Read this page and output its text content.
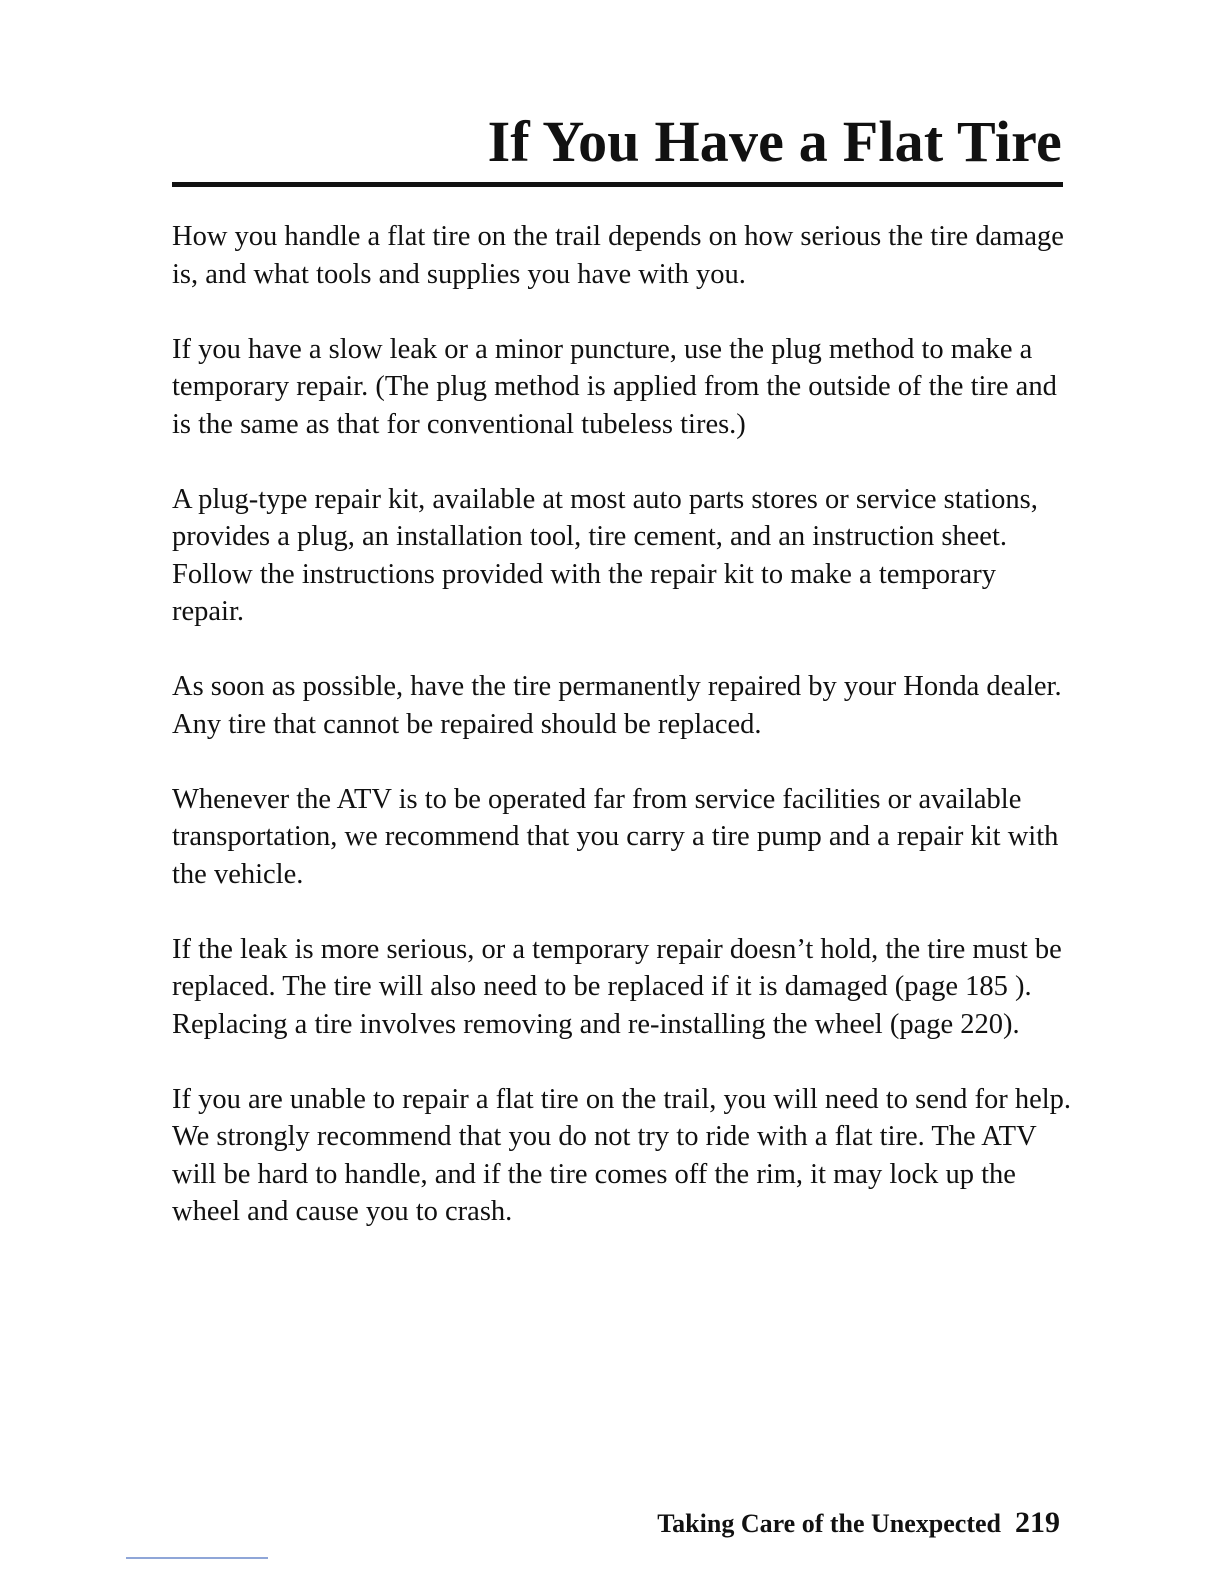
If You Have a Flat Tire

How you handle a flat tire on the trail depends on how serious the tire damage is, and what tools and supplies you have with you.

If you have a slow leak or a minor puncture, use the plug method to make a temporary repair. (The plug method is applied from the outside of the tire and is the same as that for conventional tubeless tires.)

A plug-type repair kit, available at most auto parts stores or service stations, provides a plug, an installation tool, tire cement, and an instruction sheet. Follow the instructions provided with the repair kit to make a temporary repair.

As soon as possible, have the tire permanently repaired by your Honda dealer. Any tire that cannot be repaired should be replaced.

Whenever the ATV is to be operated far from service facilities or available transportation, we recommend that you carry a tire pump and a repair kit with the vehicle.

If the leak is more serious, or a temporary repair doesn’t hold, the tire must be replaced. The tire will also need to be replaced if it is damaged (page 185 ). Replacing a tire involves removing and re-installing the wheel (page 220).

If you are unable to repair a flat tire on the trail, you will need to send for help. We strongly recommend that you do not try to ride with a flat tire. The ATV will be hard to handle, and if the tire comes off the rim, it may lock up the wheel and cause you to crash.

Taking Care of the Unexpected 219
